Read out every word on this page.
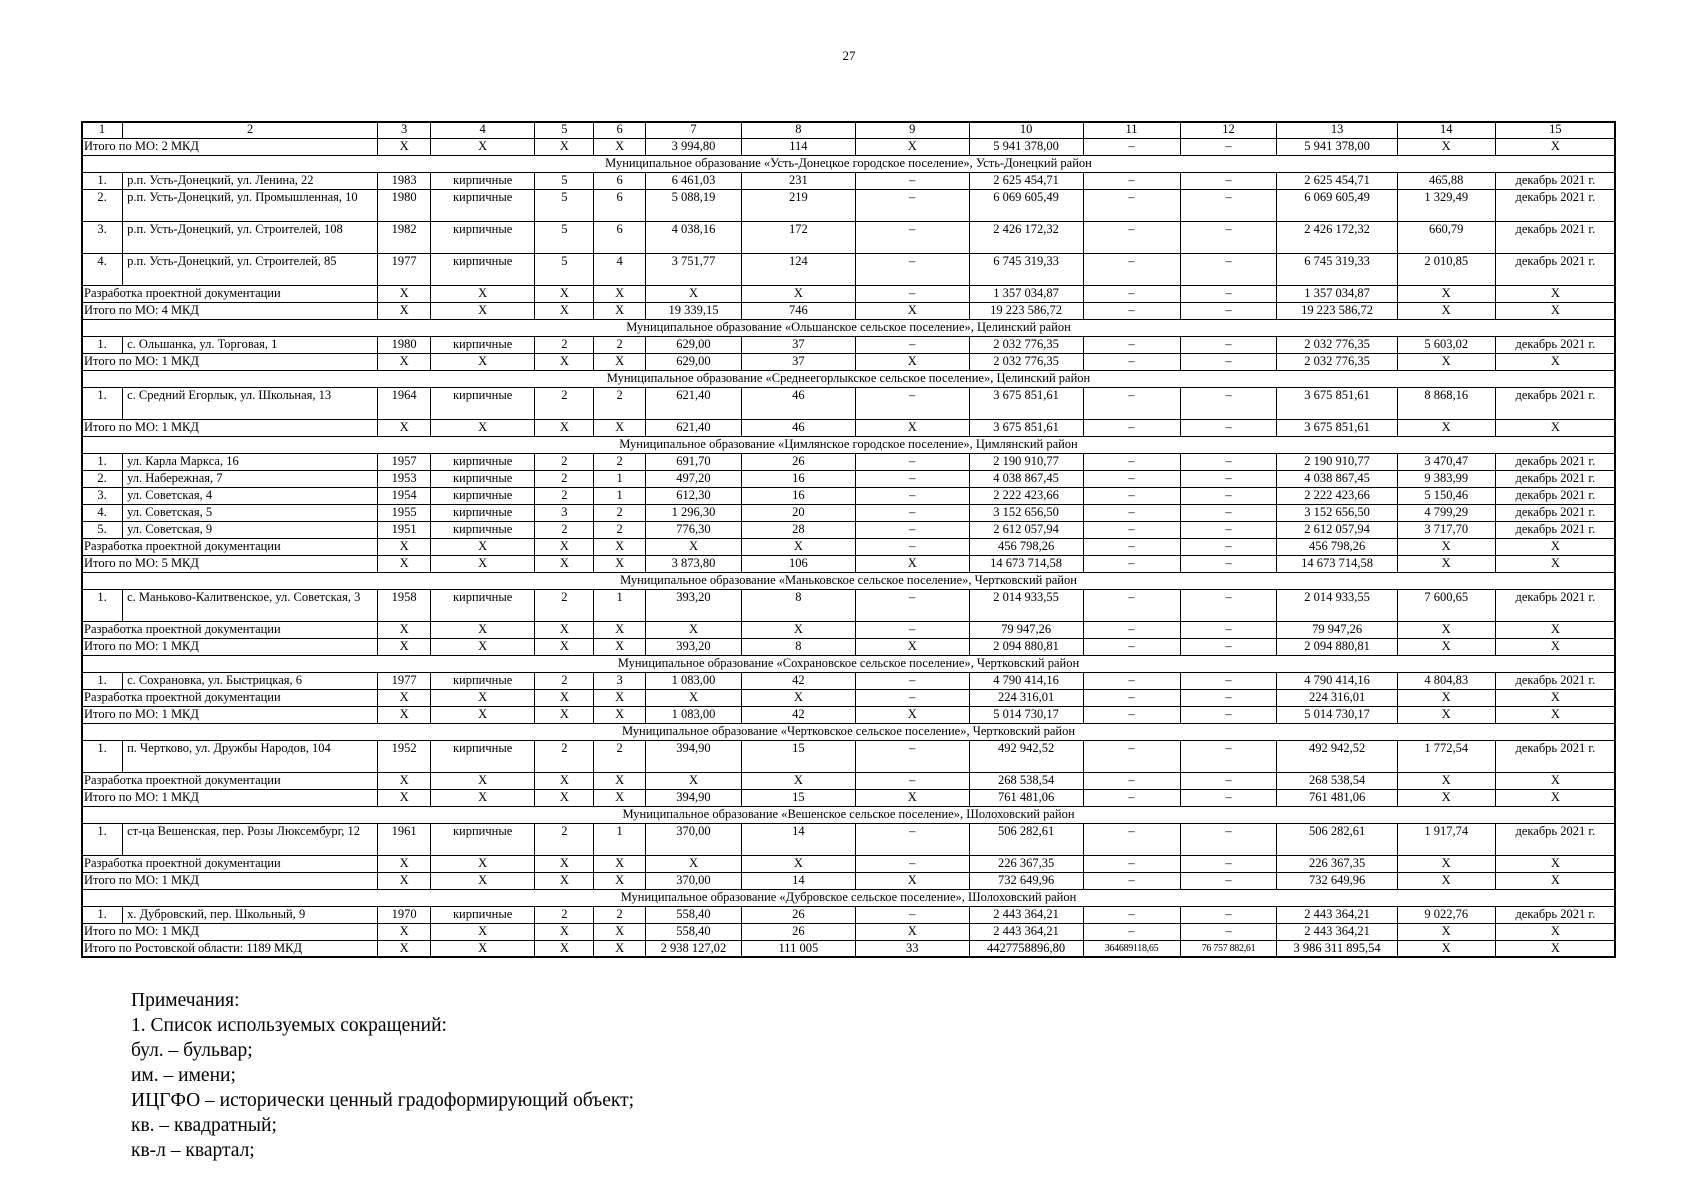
27
1	2	3	4	5	6	7	8	9	10	11	12	13	14	15
Итого по МО: 2 МКД		X	X	X	X	3 994,80	114	X	5 941 378,00	–	–	5 941 378,00	X	X
Муниципальное образование «Усть-Донецкое городское поселение», Усть-Донецкий район														
1.	р.п. Усть-Донецкий, ул. Ленина, 22	1983	кирпичные	5	6	6 461,03	231	–	2 625 454,71	–	–	2 625 454,71	465,88	декабрь 2021 г.
2.	р.п. Усть-Донецкий, ул. Промышленная, 10	1980	кирпичные	5	6	5 088,19	219	–	6 069 605,49	–	–	6 069 605,49	1 329,49	декабрь 2021 г.
3.	р.п. Усть-Донецкий, ул. Строителей, 108	1982	кирпичные	5	6	4 038,16	172	–	2 426 172,32	–	–	2 426 172,32	660,79	декабрь 2021 г.
4.	р.п. Усть-Донецкий, ул. Строителей, 85	1977	кирпичные	5	4	3 751,77	124	–	6 745 319,33	–	–	6 745 319,33	2 010,85	декабрь 2021 г.
Разработка проектной документации		X	X	X	X	X	X	–	1 357 034,87	–	–	1 357 034,87	X	X
Итого по МО: 4 МКД		X	X	X	X	19 339,15	746	X	19 223 586,72	–	–	19 223 586,72	X	X
Муниципальное образование «Ольшанское сельское поселение», Целинский район														
1.	с. Ольшанка, ул. Торговая, 1	1980	кирпичные	2	2	629,00	37	–	2 032 776,35	–	–	2 032 776,35	5 603,02	декабрь 2021 г.
Итого по МО: 1 МКД		X	X	X	X	629,00	37	X	2 032 776,35	–	–	2 032 776,35	X	X
Муниципальное образование «Среднеегорлыкское сельское поселение», Целинский район														
1.	с. Средний Егорлык, ул. Школьная, 13	1964	кирпичные	2	2	621,40	46	–	3 675 851,61	–	–	3 675 851,61	8 868,16	декабрь 2021 г.
Итого по МО: 1 МКД		X	X	X	X	621,40	46	X	3 675 851,61	–	–	3 675 851,61	X	X
Муниципальное образование «Цимлянское городское поселение», Цимлянский район														
1.	ул. Карла Маркса, 16	1957	кирпичные	2	2	691,70	26	–	2 190 910,77	–	–	2 190 910,77	3 470,47	декабрь 2021 г.
2.	ул. Набережная, 7	1953	кирпичные	2	1	497,20	16	–	4 038 867,45	–	–	4 038 867,45	9 383,99	декабрь 2021 г.
3.	ул. Советская, 4	1954	кирпичные	2	1	612,30	16	–	2 222 423,66	–	–	2 222 423,66	5 150,46	декабрь 2021 г.
4.	ул. Советская, 5	1955	кирпичные	3	2	1 296,30	20	–	3 152 656,50	–	–	3 152 656,50	4 799,29	декабрь 2021 г.
5.	ул. Советская, 9	1951	кирпичные	2	2	776,30	28	–	2 612 057,94	–	–	2 612 057,94	3 717,70	декабрь 2021 г.
Разработка проектной документации		X	X	X	X	X	X	–	456 798,26	–	–	456 798,26	X	X
Итого по МО: 5 МКД		X	X	X	X	3 873,80	106	X	14 673 714,58	–	–	14 673 714,58	X	X
Муниципальное образование «Маньковское сельское поселение», Чертковский район														
1.	с. Маньково-Калитвенское, ул. Советская, 3	1958	кирпичные	2	1	393,20	8	–	2 014 933,55	–	–	2 014 933,55	7 600,65	декабрь 2021 г.
Разработка проектной документации		X	X	X	X	X	X	–	79 947,26	–	–	79 947,26	X	X
Итого по МО: 1 МКД		X	X	X	X	393,20	8	X	2 094 880,81	–	–	2 094 880,81	X	X
Муниципальное образование «Сохрановское сельское поселение», Чертковский район														
1.	с. Сохрановка, ул. Быстрицкая, 6	1977	кирпичные	2	3	1 083,00	42	–	4 790 414,16	–	–	4 790 414,16	4 804,83	декабрь 2021 г.
Разработка проектной документации		X	X	X	X	X	X	–	224 316,01	–	–	224 316,01	X	X
Итого по МО: 1 МКД		X	X	X	X	1 083,00	42	X	5 014 730,17	–	–	5 014 730,17	X	X
Муниципальное образование «Чертковское сельское поселение», Чертковский район														
1.	п. Чертково, ул. Дружбы Народов, 104	1952	кирпичные	2	2	394,90	15	–	492 942,52	–	–	492 942,52	1 772,54	декабрь 2021 г.
Разработка проектной документации		X	X	X	X	X	X	–	268 538,54	–	–	268 538,54	X	X
Итого по МО: 1 МКД		X	X	X	X	394,90	15	X	761 481,06	–	–	761 481,06	X	X
Муниципальное образование «Вешенское сельское поселение», Шолоховский район														
1.	ст-ца Вешенская, пер. Розы Люксембург, 12	1961	кирпичные	2	1	370,00	14	–	506 282,61	–	–	506 282,61	1 917,74	декабрь 2021 г.
Разработка проектной документации		X	X	X	X	X	X	–	226 367,35	–	–	226 367,35	X	X
Итого по МО: 1 МКД		X	X	X	X	370,00	14	X	732 649,96	–	–	732 649,96	X	X
Муниципальное образование «Дубровское сельское поселение», Шолоховский район														
1.	х. Дубровский, пер. Школьный, 9	1970	кирпичные	2	2	558,40	26	–	2 443 364,21	–	–	2 443 364,21	9 022,76	декабрь 2021 г.
Итого по МО: 1 МКД		X	X	X	X	558,40	26	X	2 443 364,21	–	–	2 443 364,21	X	X
Итого по Ростовской области: 1189 МКД		X	X	X	X	2 938 127,02	111 005	33	4427758896,80	364689118,65	76 757 882,61	3 986 311 895,54	X	X
Примечания:
1. Список используемых сокращений:
бул. – бульвар;
им. – имени;
ИЦГФО – исторически ценный градоформирующий объект;
кв. – квадратный;
кв-л – квартал;
